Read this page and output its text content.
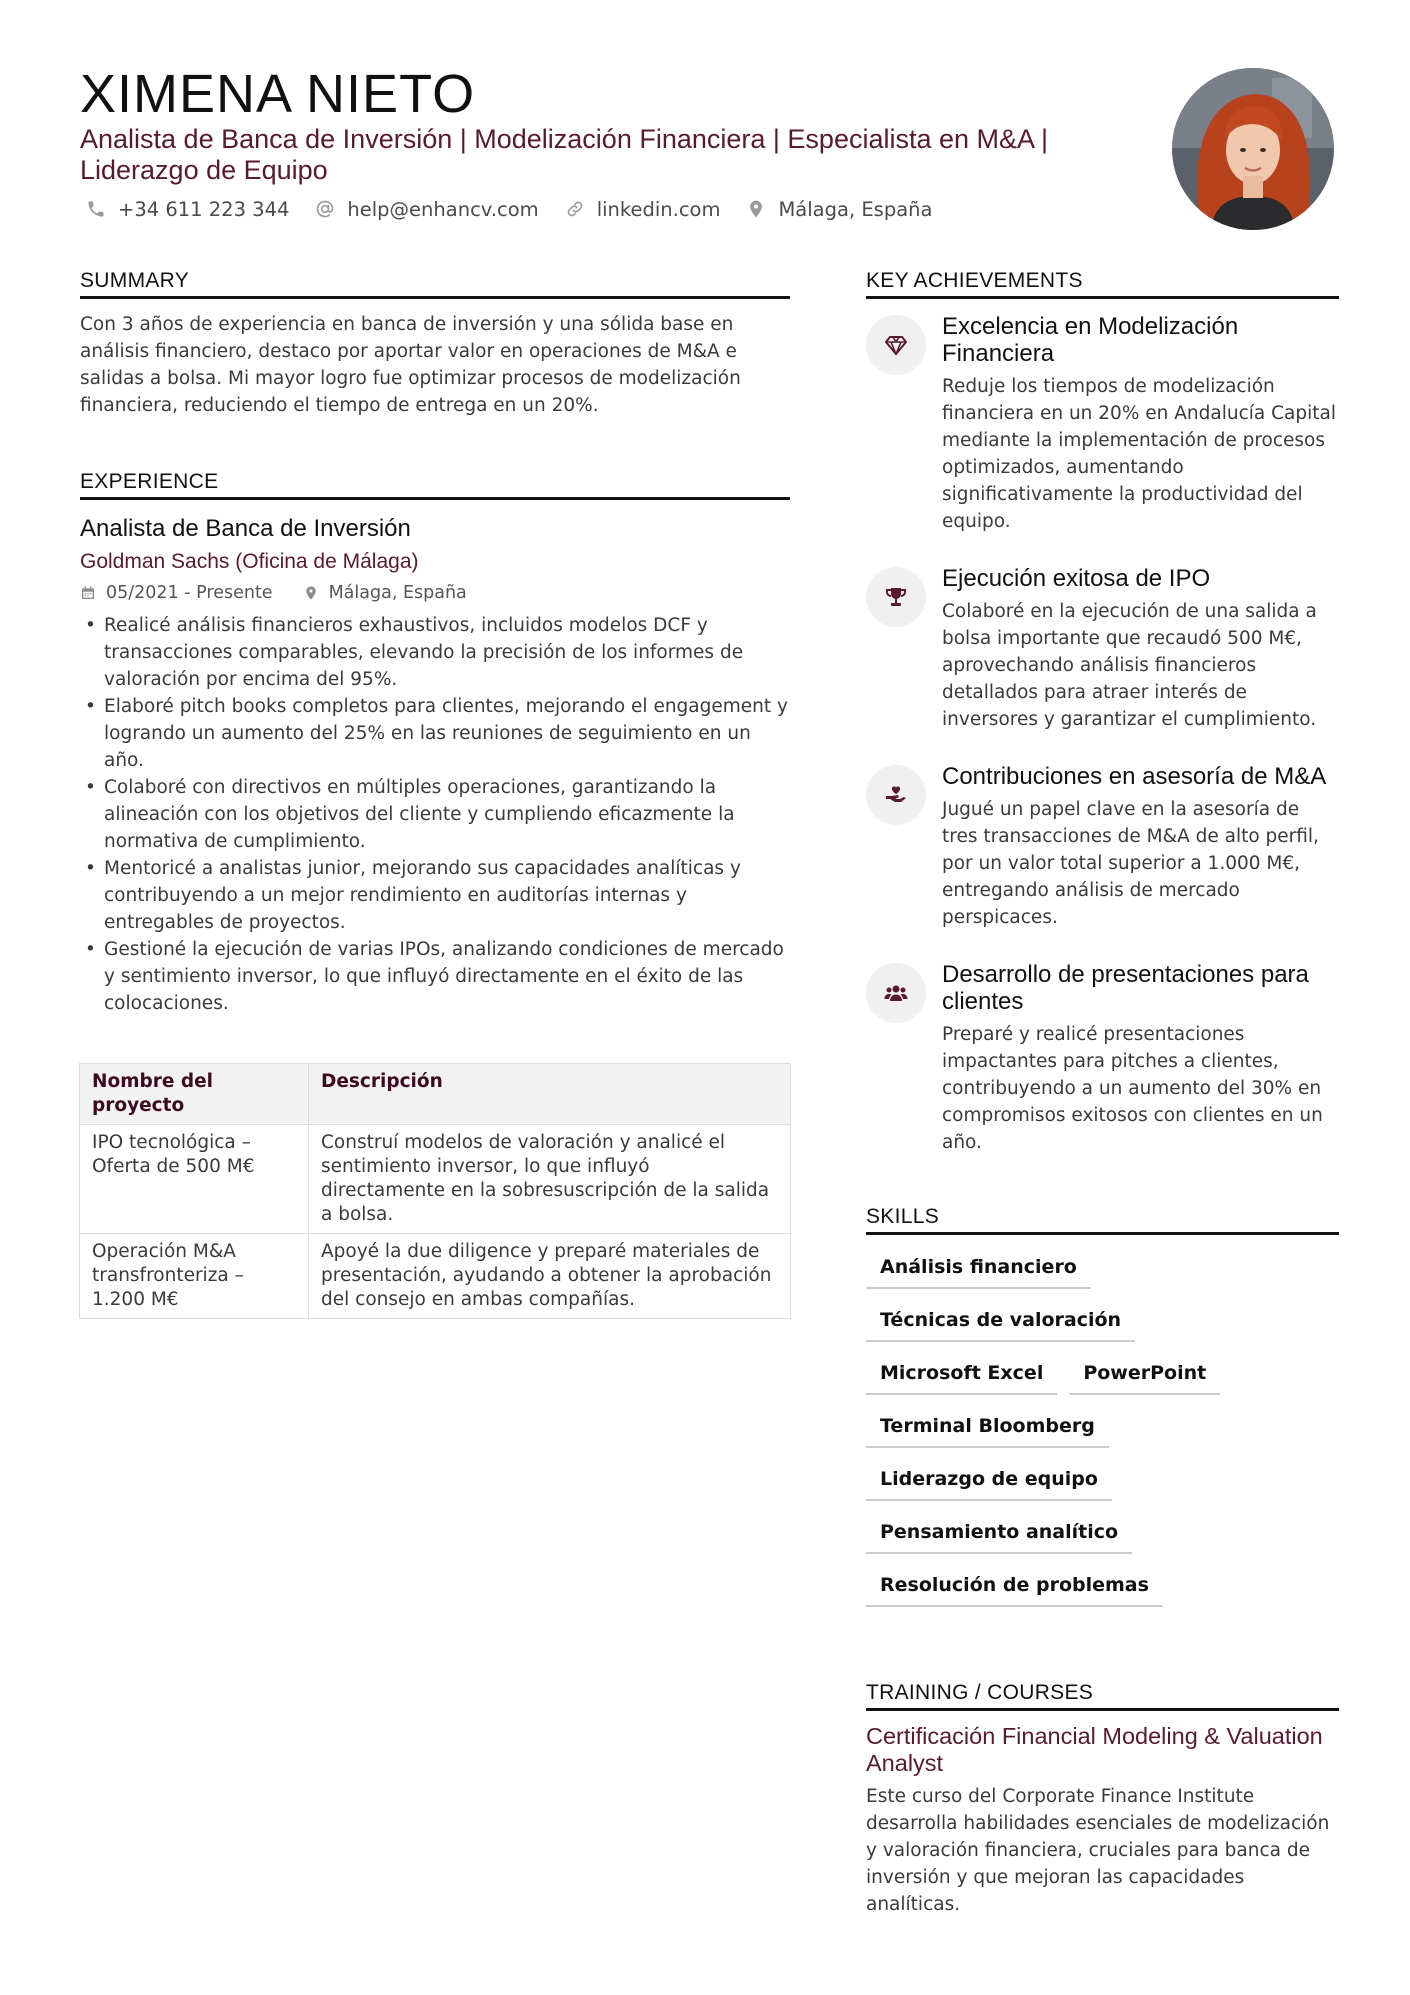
XIMENA NIETO
Analista de Banca de Inversión | Modelización Financiera | Especialista en M&A | Liderazgo de Equipo
+34 611 223 344	help@enhancv.com	linkedin.com	Málaga, España
SUMMARY
Con 3 años de experiencia en banca de inversión y una sólida base en análisis financiero, destaco por aportar valor en operaciones de M&A e salidas a bolsa. Mi mayor logro fue optimizar procesos de modelización financiera, reduciendo el tiempo de entrega en un 20%.
EXPERIENCE
Analista de Banca de Inversión
Goldman Sachs (Oficina de Málaga)
05/2021 - Presente	Málaga, España
• Realicé análisis financieros exhaustivos, incluidos modelos DCF y transacciones comparables, elevando la precisión de los informes de valoración por encima del 95%.
• Elaboré pitch books completos para clientes, mejorando el engagement y logrando un aumento del 25% en las reuniones de seguimiento en un año.
• Colaboré con directivos en múltiples operaciones, garantizando la alineación con los objetivos del cliente y cumpliendo eficazmente la normativa de cumplimiento.
• Mentoricé a analistas junior, mejorando sus capacidades analíticas y contribuyendo a un mejor rendimiento en auditorías internas y entregables de proyectos.
• Gestioné la ejecución de varias IPOs, analizando condiciones de mercado y sentimiento inversor, lo que influyó directamente en el éxito de las colocaciones.
Nombre del proyecto	Descripción
IPO tecnológica – Oferta de 500 M€	Construí modelos de valoración y analicé el sentimiento inversor, lo que influyó directamente en la sobresuscripción de la salida a bolsa.
Operación M&A transfronteriza – 1.200 M€	Apoyé la due diligence y preparé materiales de presentación, ayudando a obtener la aprobación del consejo en ambas compañías.
KEY ACHIEVEMENTS
Excelencia en Modelización Financiera
Reduje los tiempos de modelización financiera en un 20% en Andalucía Capital mediante la implementación de procesos optimizados, aumentando significativamente la productividad del equipo.
Ejecución exitosa de IPO
Colaboré en la ejecución de una salida a bolsa importante que recaudó 500 M€, aprovechando análisis financieros detallados para atraer interés de inversores y garantizar el cumplimiento.
Contribuciones en asesoría de M&A
Jugué un papel clave en la asesoría de tres transacciones de M&A de alto perfil, por un valor total superior a 1.000 M€, entregando análisis de mercado perspicaces.
Desarrollo de presentaciones para clientes
Preparé y realicé presentaciones impactantes para pitches a clientes, contribuyendo a un aumento del 30% en compromisos exitosos con clientes en un año.
SKILLS
Análisis financiero
Técnicas de valoración
Microsoft Excel	PowerPoint
Terminal Bloomberg
Liderazgo de equipo
Pensamiento analítico
Resolución de problemas
TRAINING / COURSES
Certificación Financial Modeling & Valuation Analyst
Este curso del Corporate Finance Institute desarrolla habilidades esenciales de modelización y valoración financiera, cruciales para banca de inversión y que mejoran las capacidades analíticas.
